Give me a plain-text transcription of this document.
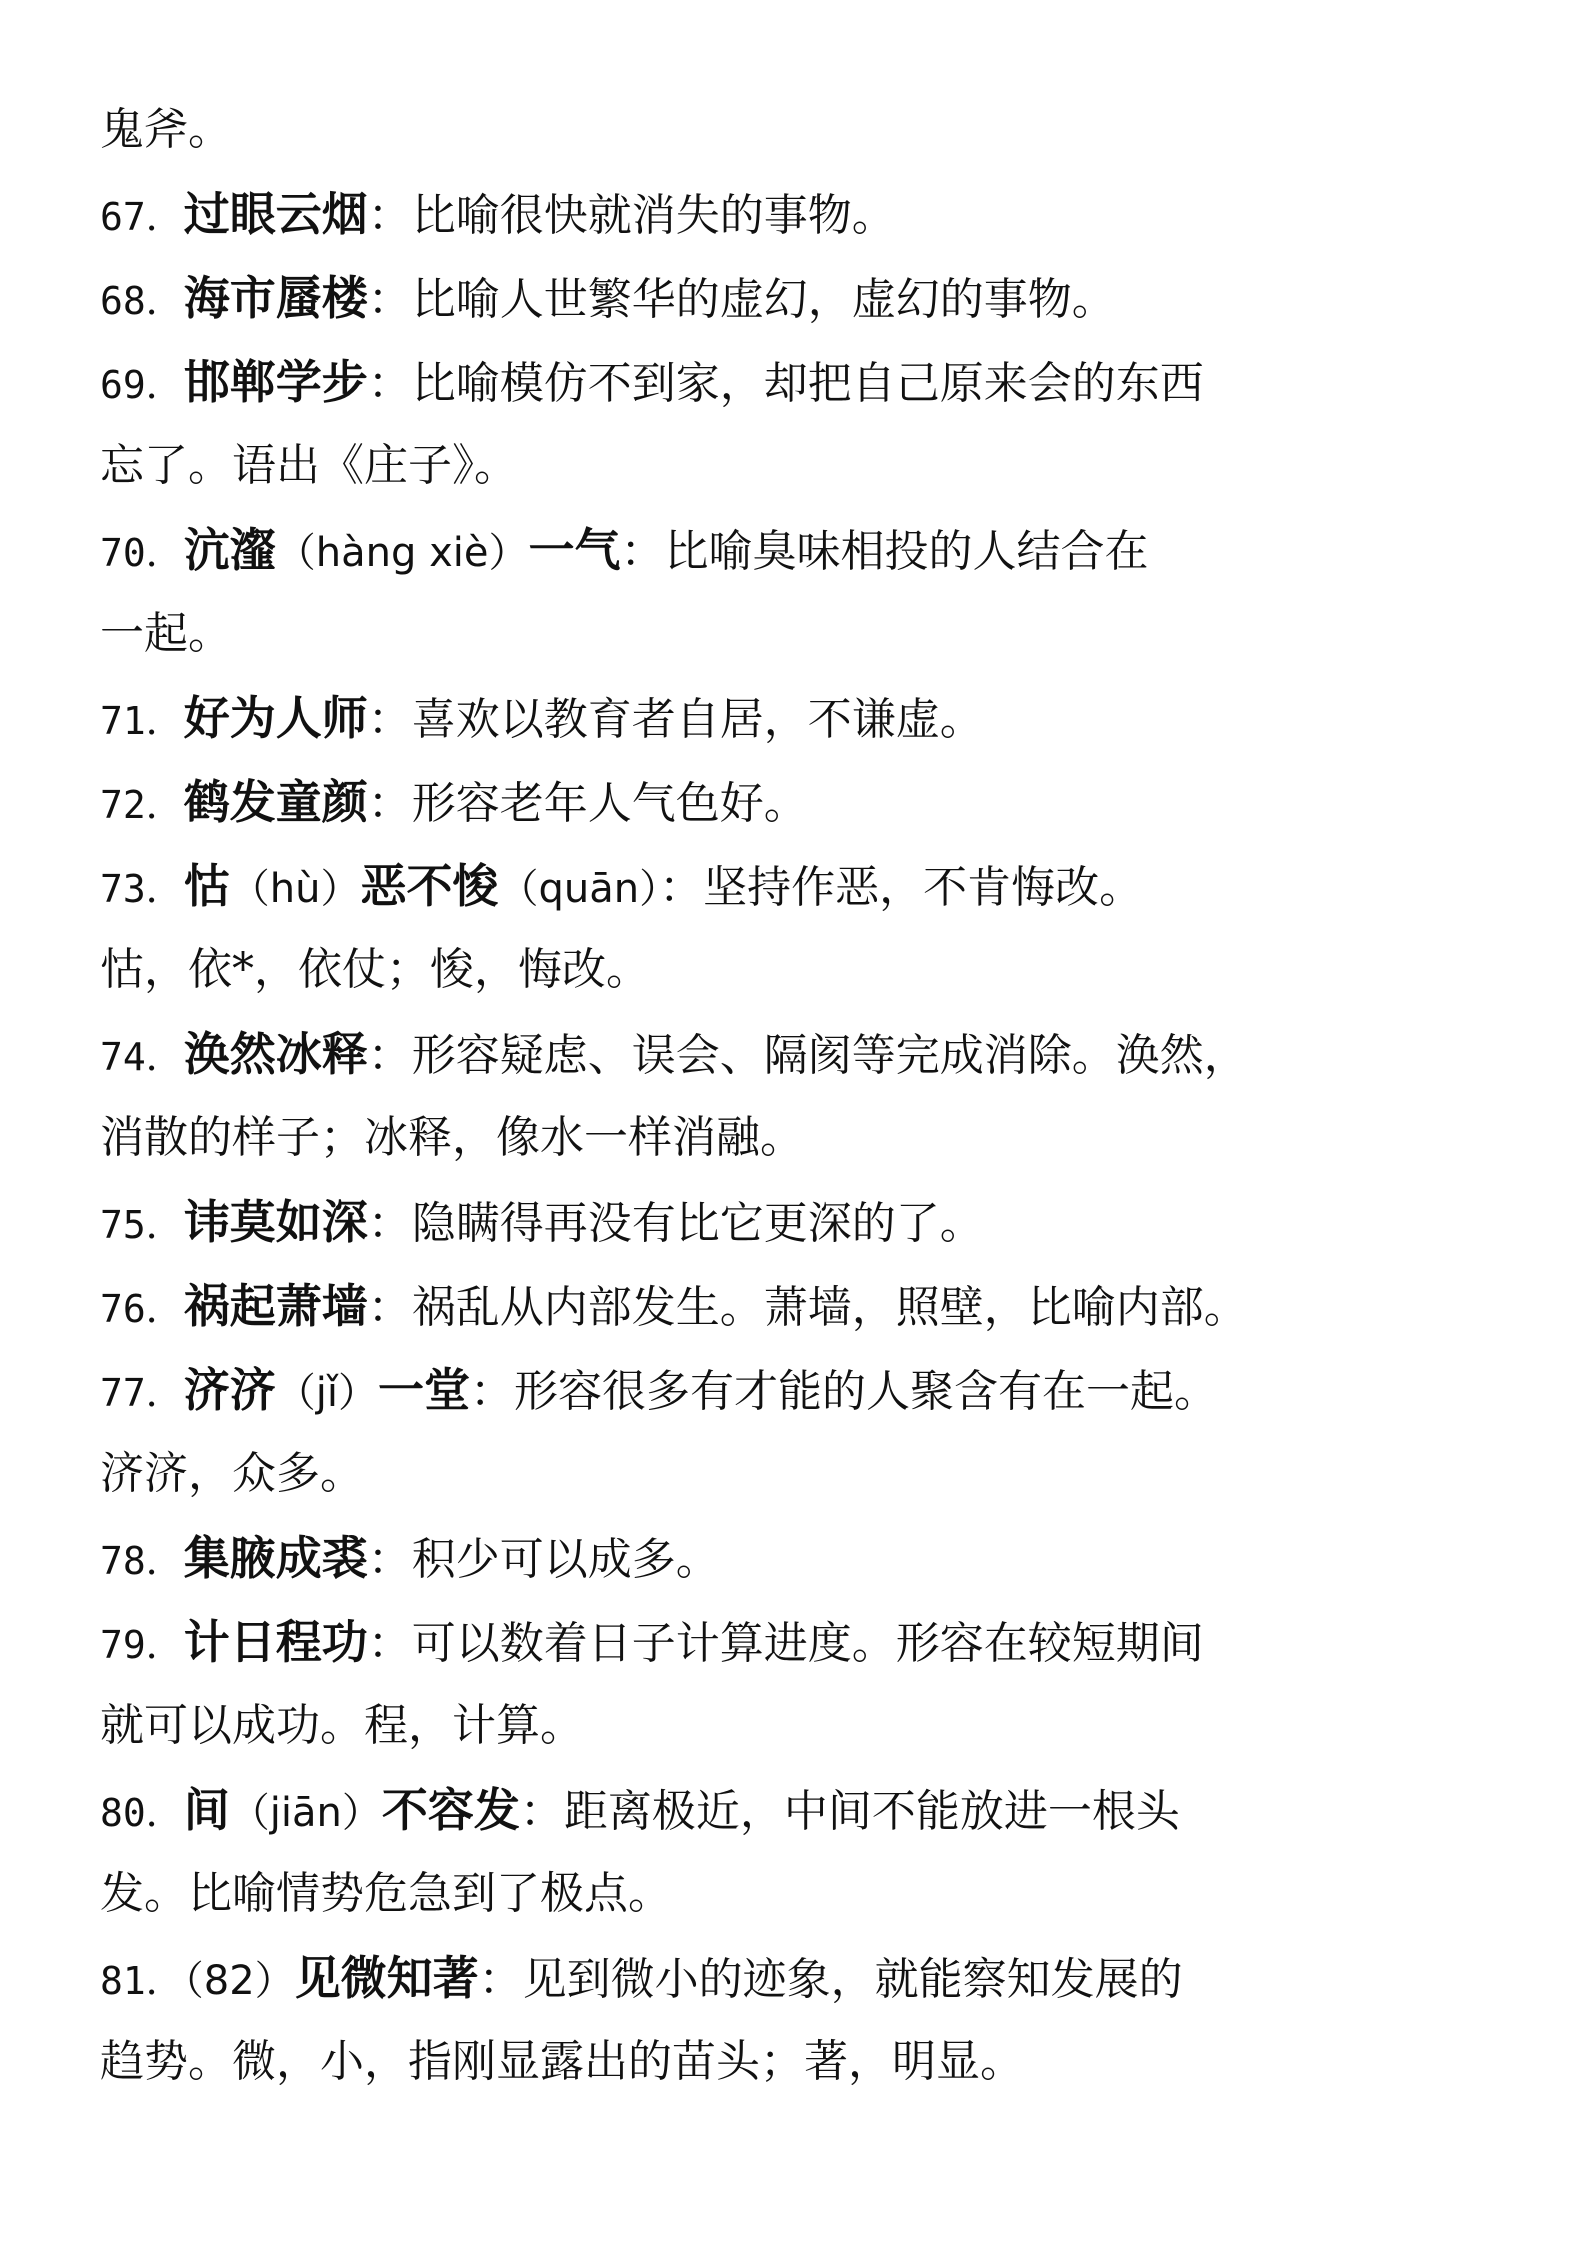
鬼斧。
67．过眼云烟：比喻很快就消失的事物。
68．海市蜃楼：比喻人世繁华的虚幻，虚幻的事物。
69．邯郸学步：比喻模仿不到家，却把自己原来会的东西
忘了。语出《庄子》。
70．沆瀣（hàng xiè）一气：比喻臭味相投的人结合在
一起。
71．好为人师：喜欢以教育者自居，不谦虚。
72．鹤发童颜：形容老年人气色好。
73．怙（hù）恶不悛（quān）：坚持作恶，不肯悔改。
怙，依*，依仗；悛，悔改。
74．涣然冰释：形容疑虑、误会、隔阂等完成消除。涣然，
消散的样子；冰释，像水一样消融。
75．讳莫如深：隐瞒得再没有比它更深的了。
76．祸起萧墙：祸乱从内部发生。萧墙，照壁，比喻内部。
77．济济（jǐ）一堂：形容很多有才能的人聚含有在一起。
济济，众多。
78．集腋成裘：积少可以成多。
79．计日程功：可以数着日子计算进度。形容在较短期间
就可以成功。程，计算。
80．间（jiān）不容发：距离极近，中间不能放进一根头
发。比喻情势危急到了极点。
81．（82）见微知著：见到微小的迹象，就能察知发展的
趋势。微，小，指刚显露出的苗头；著，明显。
